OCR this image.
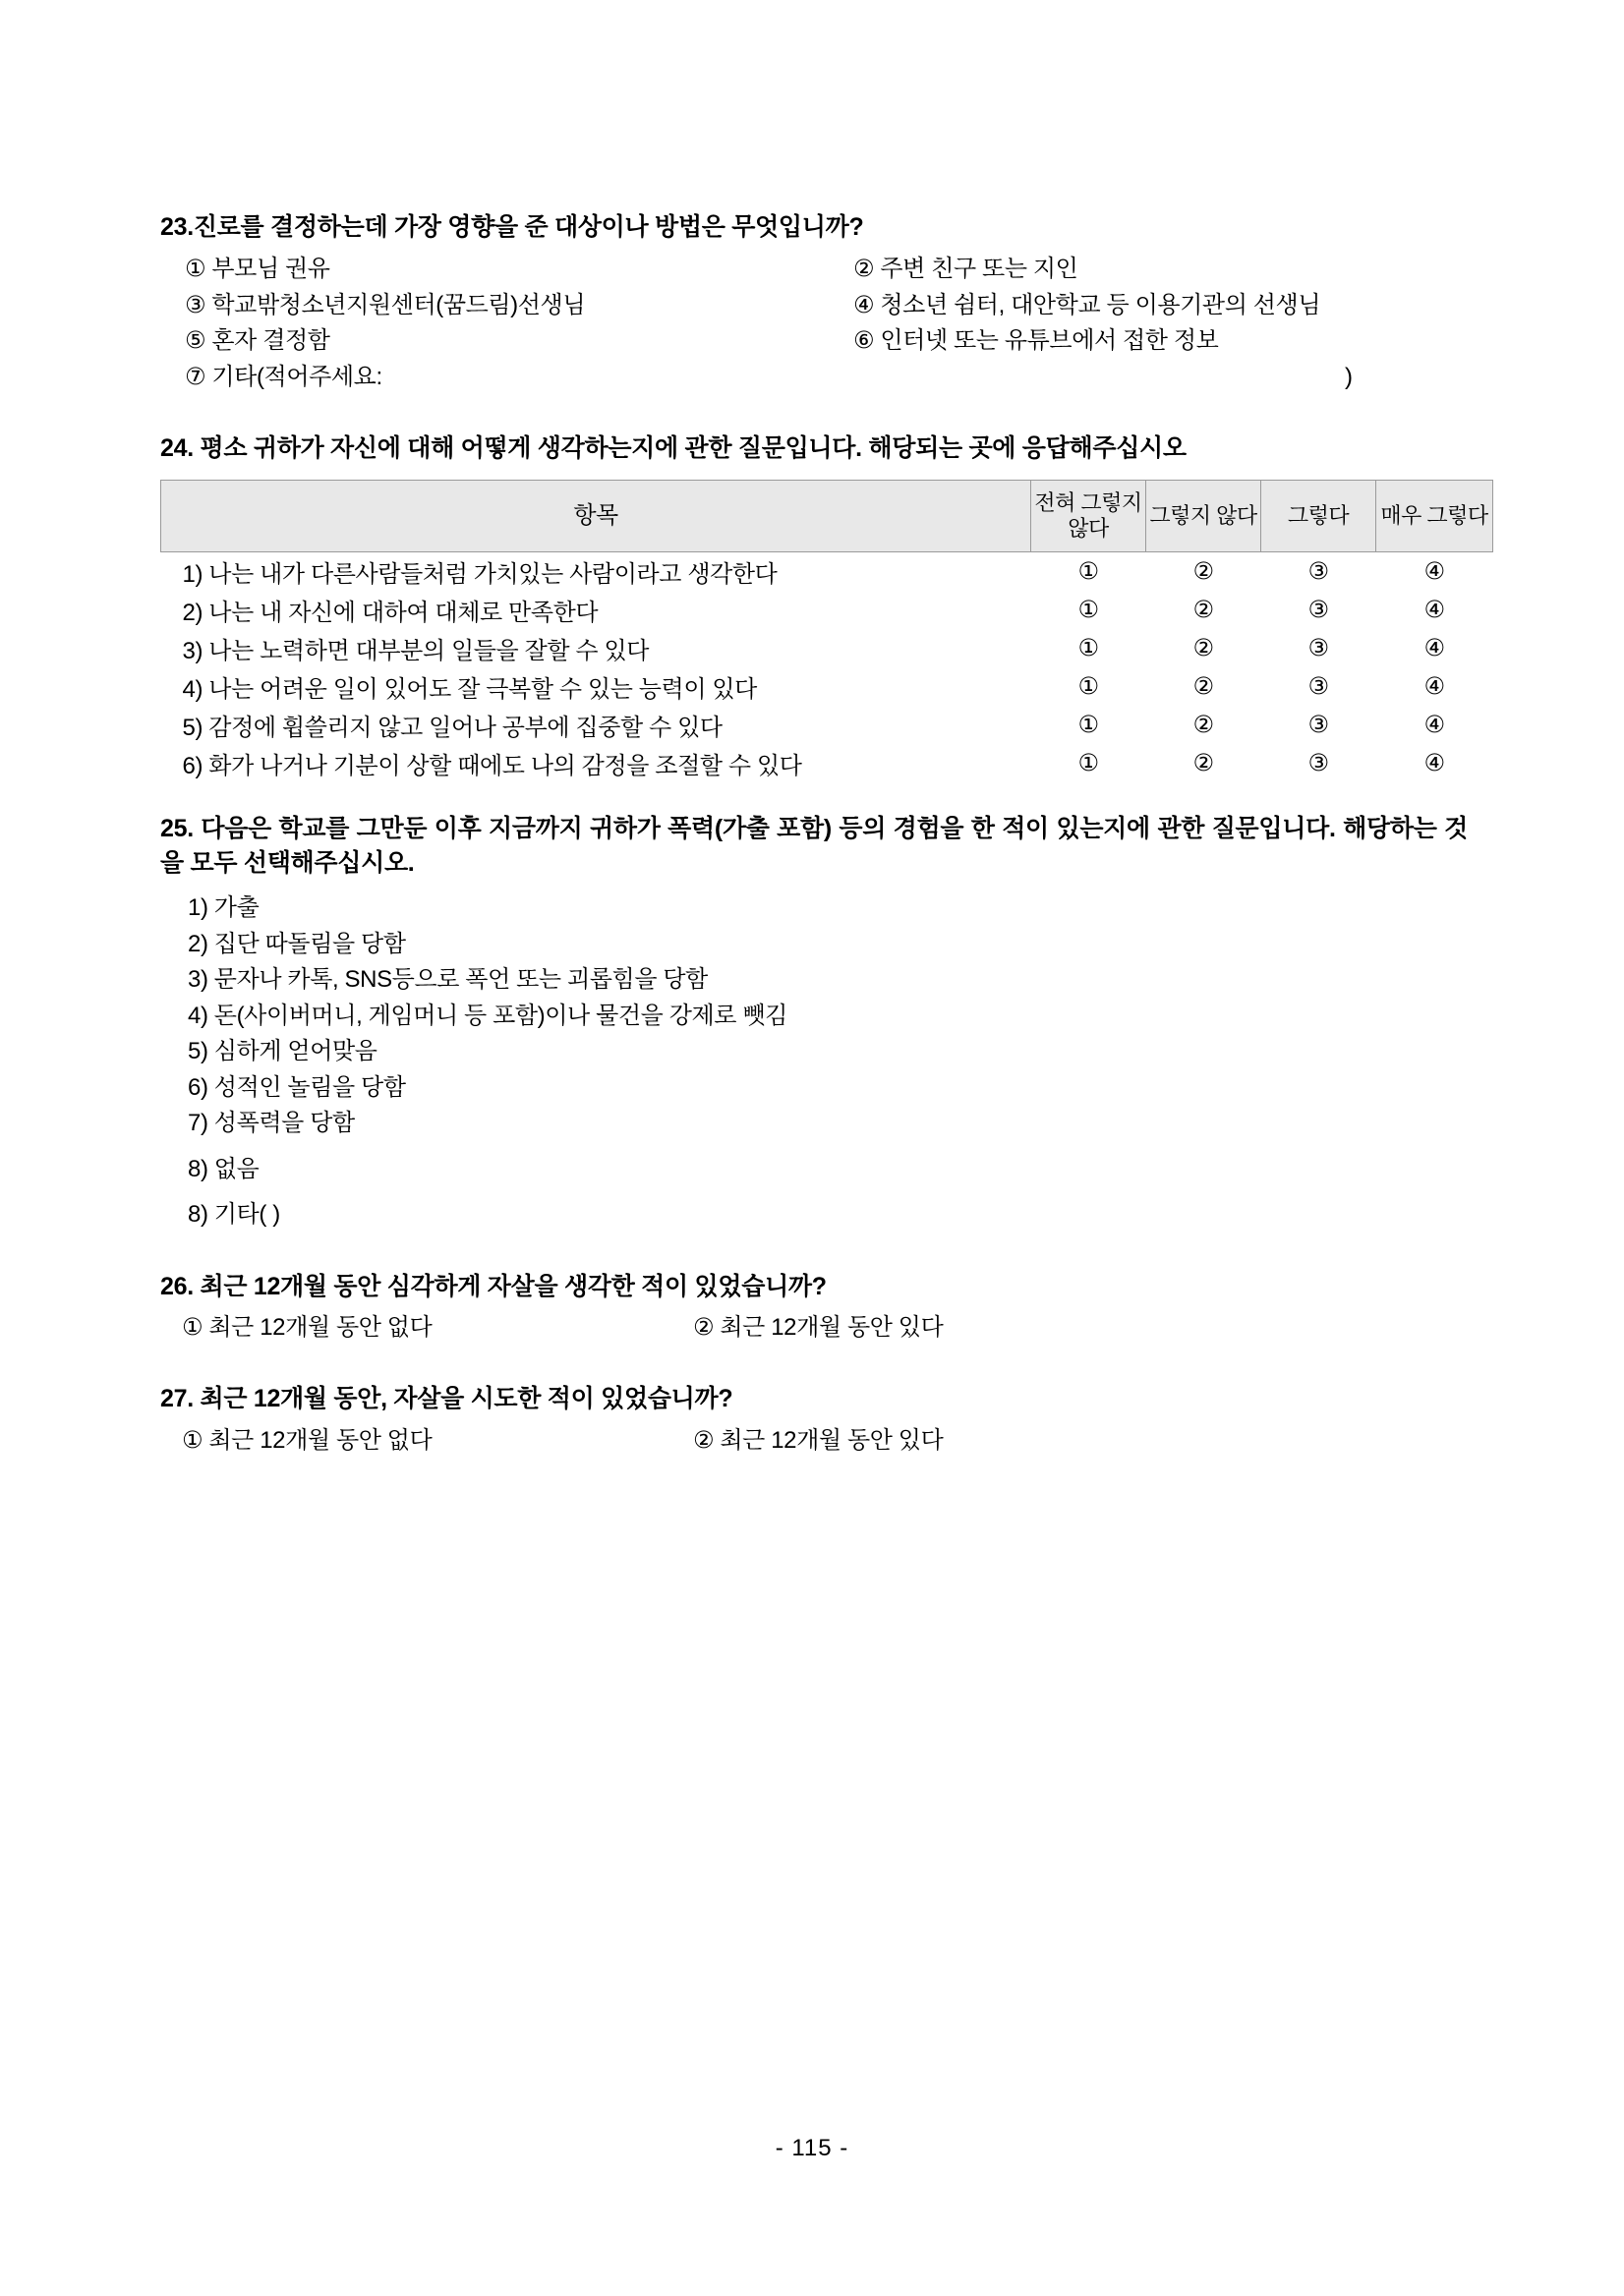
23.진로를 결정하는데 가장 영향을 준 대상이나 방법은 무엇입니까?
① 부모님 권유	② 주변 친구 또는 지인
③ 학교밖청소년지원센터(꿈드림)선생님	④ 청소년 쉼터, 대안학교 등 이용기관의 선생님
⑤ 혼자 결정함	⑥ 인터넷 또는 유튜브에서 접한 정보
⑦ 기타(적어주세요:	)
24. 평소 귀하가 자신에 대해 어떻게 생각하는지에 관한 질문입니다. 해당되는 곳에 응답해주십시오
항목	전혀 그렇지 않다	그렇지 않다	그렇다	매우 그렇다
1) 나는 내가 다른사람들처럼 가치있는 사람이라고 생각한다	①	②	③	④
2) 나는 내 자신에 대하여 대체로 만족한다	①	②	③	④
3) 나는 노력하면 대부분의 일들을 잘할 수 있다	①	②	③	④
4) 나는 어려운 일이 있어도 잘 극복할 수 있는 능력이 있다	①	②	③	④
5) 감정에 휩쓸리지 않고 일어나 공부에 집중할 수 있다	①	②	③	④
6) 화가 나거나 기분이 상할 때에도 나의 감정을 조절할 수 있다	①	②	③	④
25. 다음은 학교를 그만둔 이후 지금까지 귀하가 폭력(가출 포함) 등의 경험을 한 적이 있는지에 관한 질문입니다. 해당하는 것을 모두 선택해주십시오.
1) 가출
2) 집단 따돌림을 당함
3) 문자나 카톡, SNS등으로 폭언 또는 괴롭힘을 당함
4) 돈(사이버머니, 게임머니 등 포함)이나 물건을 강제로 뺏김
5) 심하게 얻어맞음
6) 성적인 놀림을 당함
7) 성폭력을 당함
8) 없음
8) 기타( )
26. 최근 12개월 동안 심각하게 자살을 생각한 적이 있었습니까?
① 최근 12개월 동안 없다	② 최근 12개월 동안 있다
27. 최근 12개월 동안, 자살을 시도한 적이 있었습니까?
① 최근 12개월 동안 없다	② 최근 12개월 동안 있다
- 115 -
